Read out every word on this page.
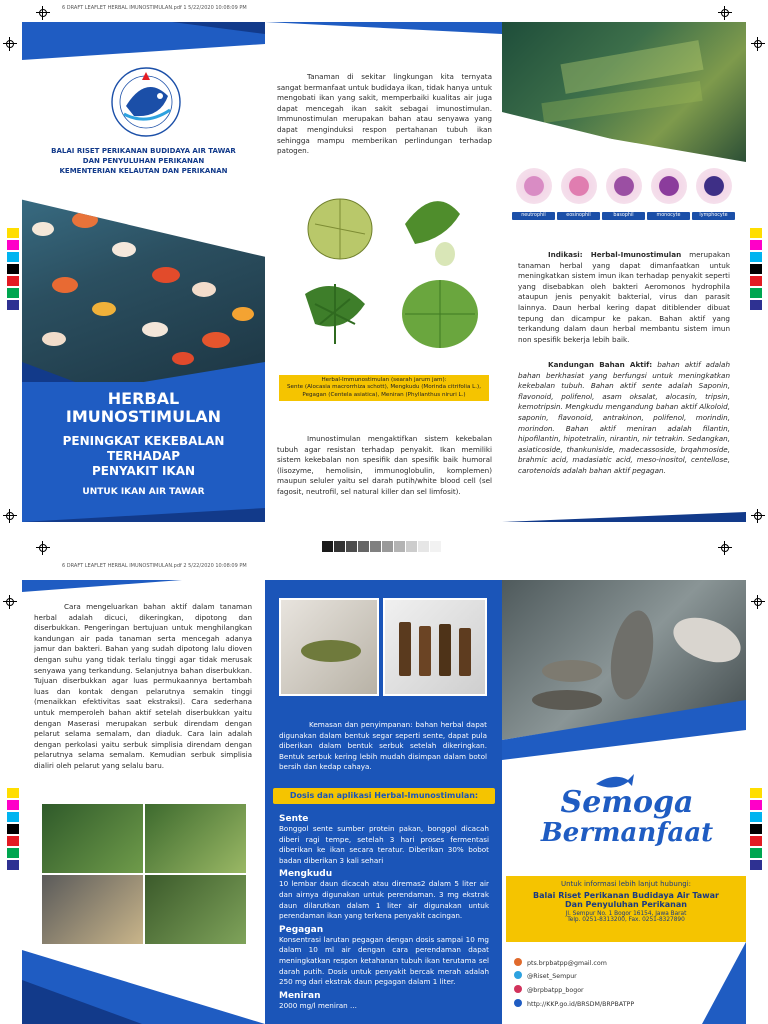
6 DRAFT LEAFLET HERBAL IMUNOSTIMULAN.pdf 1 5/22/2020 10:08:09 PM
BALAI RISET PERIKANAN BUDIDAYA AIR TAWAR
DAN PENYULUHAN PERIKANAN
KEMENTERIAN KELAUTAN DAN PERIKANAN
HERBAL
IMUNOSTIMULAN
PENINGKAT KEKEBALAN
TERHADAP
PENYAKIT IKAN
UNTUK IKAN AIR TAWAR
Tanaman di sekitar lingkungan kita ternyata sangat bermanfaat untuk budidaya ikan, tidak hanya untuk mengobati ikan yang sakit, memperbaiki kualitas air juga dapat mencegah ikan sakit sebagai imunostimulan. Immunostimulan merupakan bahan atau senyawa yang dapat menginduksi respon pertahanan tubuh ikan sehingga mampu memberikan perlindungan terhadap patogen.
Herbal-Immunostimulan (searah jarum jam):
Sente (Alocasia macrorrhiza schott), Mengkudu (Morinda citrifolia L.),
Pegagan (Centela asiatica), Meniran (Phyllanthus niruri L.)
Imunostimulan mengaktifkan sistem kekebalan tubuh agar resistan terhadap penyakit. Ikan memiliki sistem kekebalan non spesifik dan spesifik baik humoral (lisozyme, hemolisin, immunoglobulin, komplemen) maupun seluler yaitu sel darah putih/white blood cell (sel fagosit, neutrofil, sel natural killer dan sel limfosit).
neutrophil	eosinophil	basophil	monocyte	lymphocyte
Indikasi: Herbal-Imunostimulan merupakan tanaman herbal yang dapat dimanfaatkan untuk meningkatkan sistem imun ikan terhadap penyakit seperti yang disebabkan oleh bakteri Aeromonos hydrophila ataupun jenis penyakit bakterial, virus dan parasit lainnya. Daun herbal kering dapat ditiblender dibuat tepung dan dicampur ke pakan. Bahan aktif yang terkandung dalam daun herbal membantu sistem imun non spesifik bekerja lebih baik.
Kandungan Bahan Aktif: bahan aktif adalah bahan berkhasiat yang berfungsi untuk meningkatkan kekebalan tubuh. Bahan aktif sente adalah Saponin, flavonoid, polifenol, asam oksalat, alocasin, tripsin, kemotripsin. Mengkudu mengandung bahan aktif Alkoloid, saponin, flavonoid, antrakinon, polifenol, morindin, morindon. Bahan aktif meniran adalah filantin, hipofilantin, hipotetralin, nirantin, nir tetrakin. Sedangkan, asiaticoside, thankuniside, madecassoside, brqahmoside, brahmic acid, madasiatic acid, meso-inositol, centellose, carotenoids adalah bahan aktif pegagan.
6 DRAFT LEAFLET HERBAL IMUNOSTIMULAN.pdf 2 5/22/2020 10:08:09 PM
Cara mengeluarkan bahan aktif dalam tanaman herbal adalah dicuci, dikeringkan, dipotong dan diserbukkan. Pengeringan bertujuan untuk menghilangkan kandungan air pada tanaman serta mencegah adanya jamur dan bakteri. Bahan yang sudah dipotong lalu dioven dengan suhu yang tidak terlalu tinggi agar tidak merusak senyawa yang terkandung. Selanjutnya bahan diserbukkan. Tujuan diserbukkan agar luas permukaannya bertambah luas dan kontak dengan pelarutnya semakin tinggi (menaikkan efektivitas saat ekstraksi). Cara sederhana untuk memperoleh bahan aktif setelah diserbukkan yaitu dengan Maserasi merupakan serbuk direndam dengan pelarut selama semalam, dan diaduk. Cara lain adalah dengan perkolasi yaitu serbuk simplisia direndam dengan pelarutnya selama semalam. Kemudian serbuk simplisia dialiri oleh pelarut yang selalu baru.
Kemasan dan penyimpanan: bahan herbal dapat digunakan dalam bentuk segar seperti sente, dapat pula diberikan dalam bentuk serbuk setelah dikeringkan. Bentuk serbuk kering lebih mudah disimpan dalam botol bersih dan kedap cahaya.
Dosis dan aplikasi Herbal-Imunostimulan:
Sente
Bonggol sente sumber protein pakan, bonggol dicacah diberi ragi tempe, setelah 3 hari proses fermentasi diberikan ke ikan secara teratur. Diberikan 30% bobot badan diberikan 3 kali sehari
Mengkudu
10 lembar daun dicacah atau diremas2 dalam 5 liter air dan airnya digunakan untuk perendaman. 3 mg ekstrak daun dilarutkan dalam 1 liter air digunakan untuk perendaman ikan yang terkena penyakit cacingan.
Pegagan
Konsentrasi larutan pegagan dengan dosis sampai 10 mg dalam 10 ml air dengan cara perendaman dapat meningkatkan respon ketahanan tubuh ikan terutama sel darah putih. Dosis untuk penyakit bercak merah adalah 250 mg dari ekstrak daun pegagan dalam 1 liter.
Meniran
2000 mg/l meniran ...
Semoga
Bermanfaat
Untuk informasi lebih lanjut hubungi:
Balai Riset Perikanan Budidaya Air Tawar
Dan Penyuluhan Perikanan
Jl. Sempur No. 1 Bogor 16154, Jawa Barat
Telp. 0251-8313200, Fax. 0251-8327890
pts.brpbatpp@gmail.com
@Riset_Sempur
@brpbatpp_bogor
http://KKP.go.id/BRSDM/BRPBATPP
